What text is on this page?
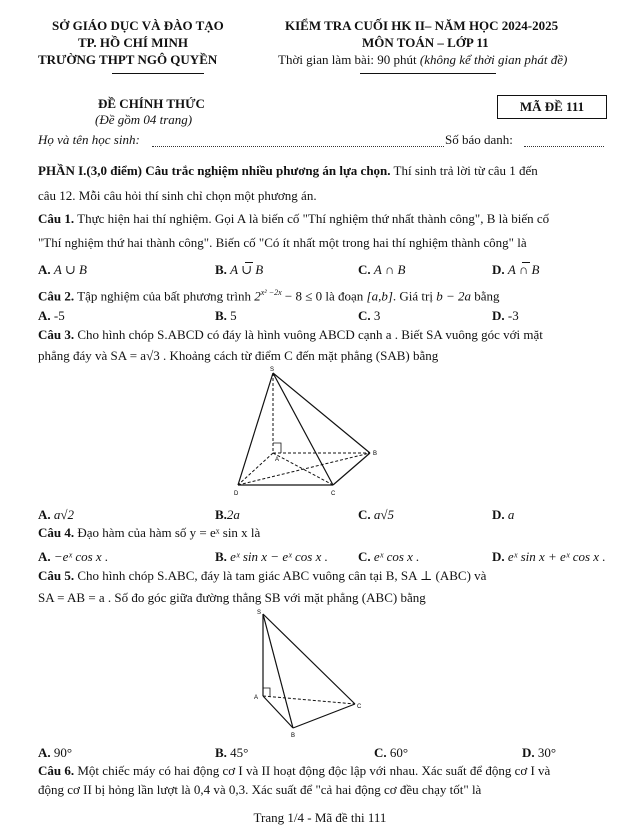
SỞ GIÁO DỤC VÀ ĐÀO TẠO
TP. HỒ CHÍ MINH
TRƯỜNG THPT NGÔ QUYỀN
KIỂM TRA CUỐI HK II– NĂM HỌC 2024-2025
MÔN TOÁN – LỚP 11
Thời gian làm bài: 90 phút (không kể thời gian phát đề)
ĐỀ CHÍNH THỨC
(Đề gồm 04 trang)
MÃ ĐỀ 111
Họ và tên học sinh:	Số báo danh:
PHẦN I.(3,0 điểm) Câu trắc nghiệm nhiều phương án lựa chọn. Thí sinh trả lời từ câu 1 đến
câu 12. Mỗi câu hỏi thí sinh chỉ chọn một phương án.
Câu 1. Thực hiện hai thí nghiệm. Gọi A là biến cố "Thí nghiệm thứ nhất thành công", B là biến cố
"Thí nghiệm thứ hai thành công". Biến cố "Có ít nhất một trong hai thí nghiệm thành công" là
A. A ∪ B	B. A ∪ B	C. A ∩ B	D. A ∩ B
Câu 2. Tập nghiệm của bất phương trình $2^{x^2 -2x} - 8 \le 0$ là đoạn [a,b]. Giá trị b − 2a bằng
A. -5	B. 5	C. 3	D. -3
Câu 3. Cho hình chóp S.ABCD có đáy là hình vuông ABCD cạnh a . Biết SA vuông góc với mặt
phẳng đáy và SA = a√3 . Khoảng cách từ điểm C đến mặt phẳng (SAB) bằng
S
A
B
C
D
A. a√2	B.2a	C. a√5	D. a
Câu 4. Đạo hàm của hàm số y = eˣ sin x là
A. −eˣ cos x .	B. eˣ sin x − eˣ cos x . C. eˣ cos x .	D. eˣ sin x + eˣ cos x .
Câu 5. Cho hình chóp S.ABC, đáy là tam giác ABC vuông cân tại B, SA ⊥ (ABC) và
SA = AB = a . Số đo góc giữa đường thẳng SB với mặt phẳng (ABC) bằng
S
A
B
C
A. 90°	B. 45°	C. 60°	D. 30°
Câu 6. Một chiếc máy có hai động cơ I và II hoạt động độc lập với nhau. Xác suất để động cơ I và
động cơ II bị hỏng lần lượt là 0,4 và 0,3. Xác suất để "cả hai động cơ đều chạy tốt" là
Trang 1/4 - Mã đề thi 111
